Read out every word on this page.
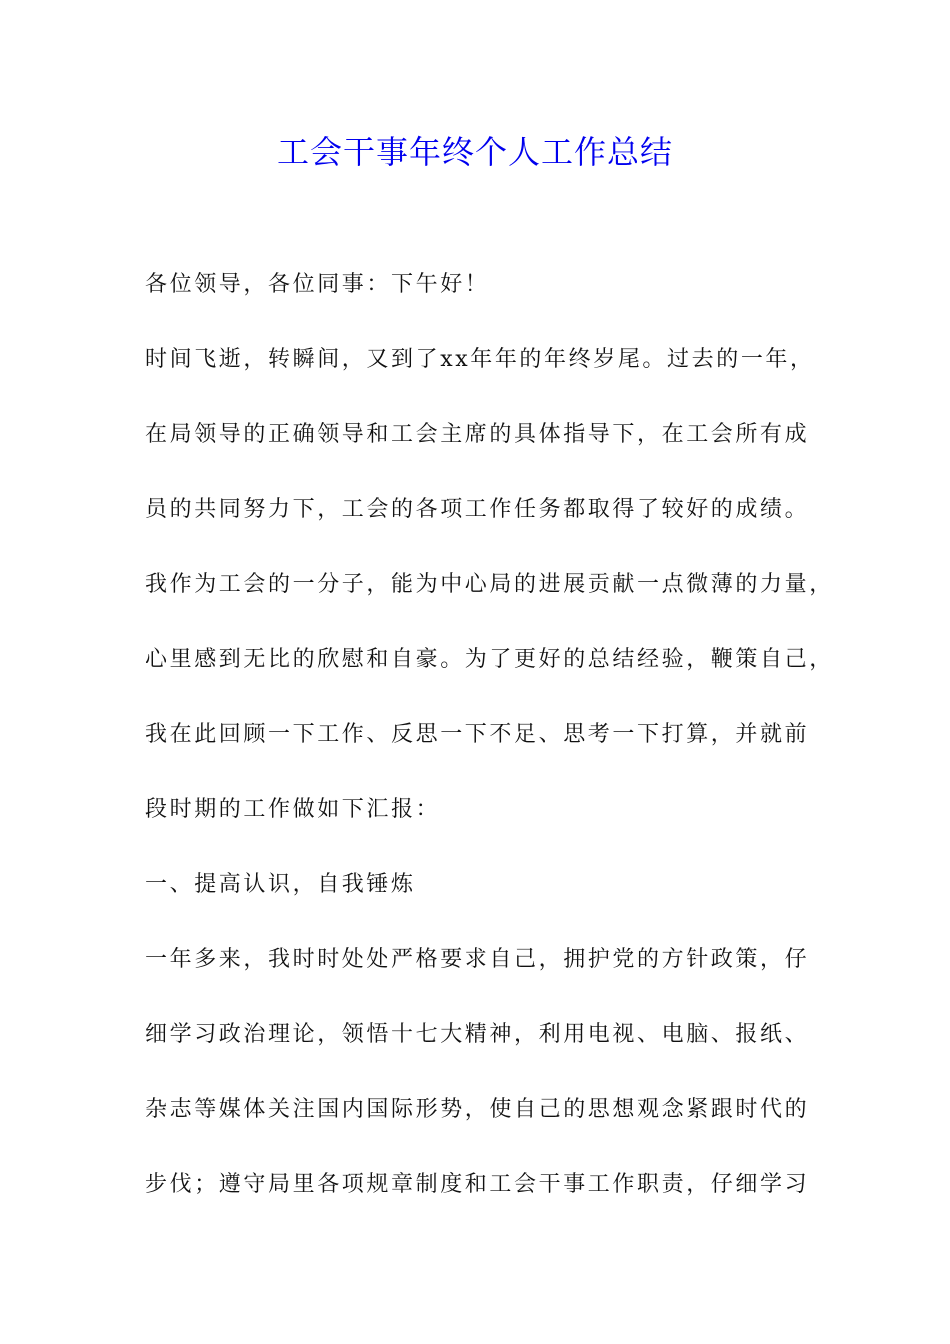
工会干事年终个人工作总结

各位领导，各位同事：下午好！

时间飞逝，转瞬间，又到了xx年年的年终岁尾。过去的一年，

在局领导的正确领导和工会主席的具体指导下，在工会所有成

员的共同努力下，工会的各项工作任务都取得了较好的成绩。

我作为工会的一分子，能为中心局的进展贡献一点微薄的力量，

心里感到无比的欣慰和自豪。为了更好的总结经验，鞭策自己，

我在此回顾一下工作、反思一下不足、思考一下打算，并就前

段时期的工作做如下汇报：

一、提高认识，自我锤炼

一年多来，我时时处处严格要求自己，拥护党的方针政策，仔

细学习政治理论，领悟十七大精神，利用电视、电脑、报纸、

杂志等媒体关注国内国际形势，使自己的思想观念紧跟时代的

步伐；遵守局里各项规章制度和工会干事工作职责，仔细学习
